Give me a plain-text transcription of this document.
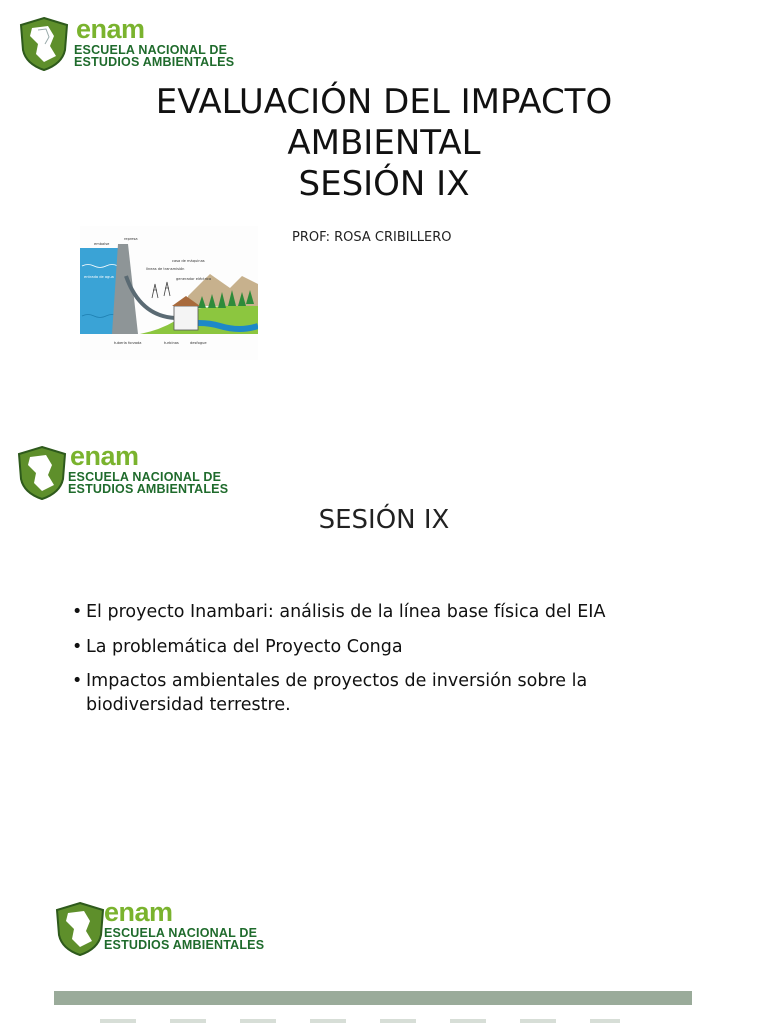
enam
ESCUELA NACIONAL DE
ESTUDIOS AMBIENTALES
EVALUACIÓN DEL IMPACTO
AMBIENTAL
SESIÓN IX
PROF: ROSA CRIBILLERO
embalse
represa
entrada de agua
líneas de transmisión
casa de máquinas
generador eléctrico
tubería forzada	turbinas	desfogue
enam
ESCUELA NACIONAL DE
ESTUDIOS AMBIENTALES
SESIÓN IX
• El proyecto Inambari: análisis de la línea base física del EIA
• La problemática del Proyecto Conga
• Impactos ambientales de proyectos de inversión sobre la biodiversidad terrestre.
enam
ESCUELA NACIONAL DE
ESTUDIOS AMBIENTALES
